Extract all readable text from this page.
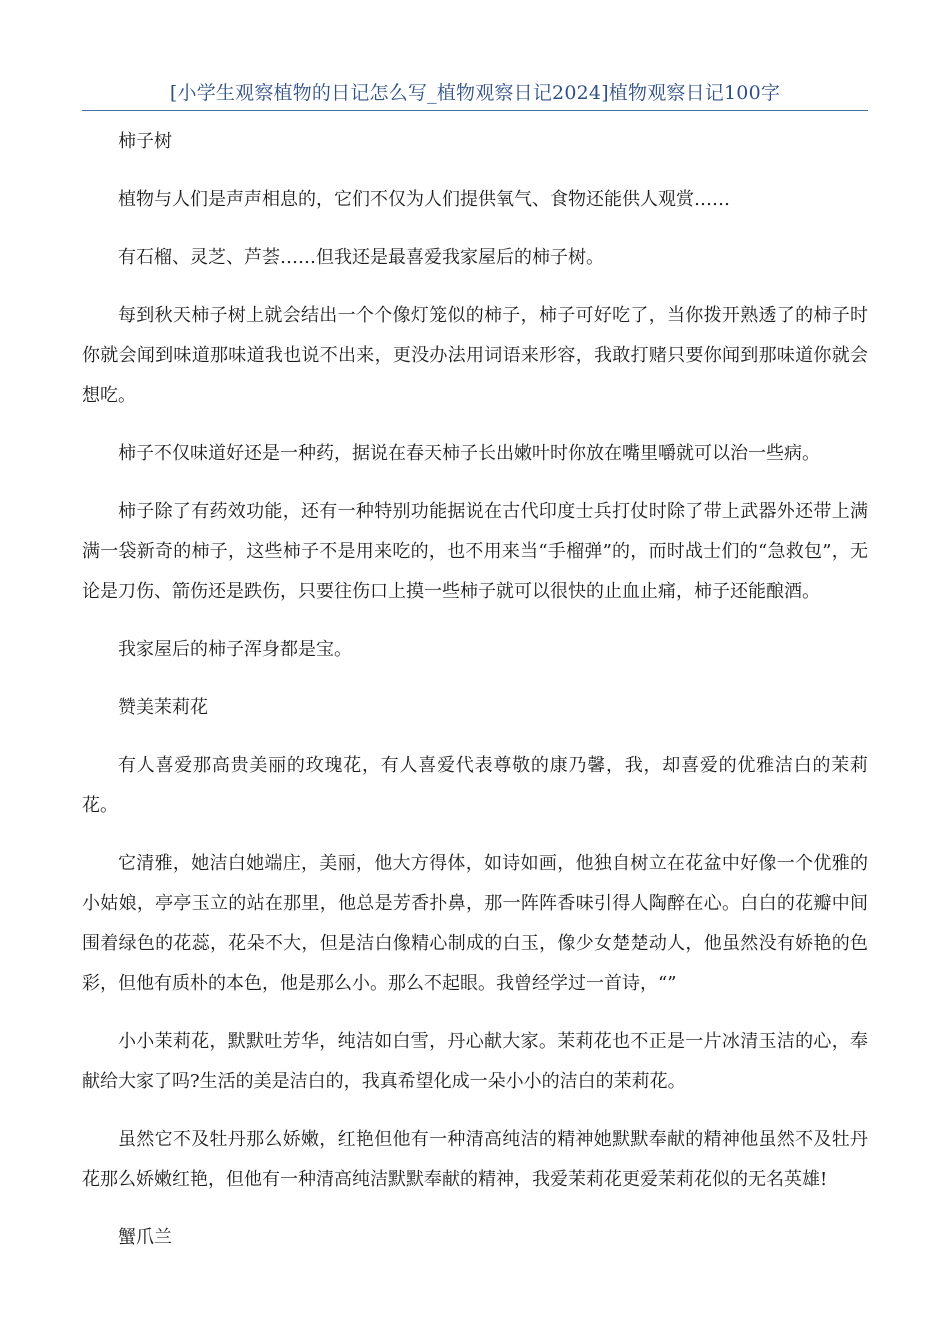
[小学生观察植物的日记怎么写_植物观察日记2024]植物观察日记100字

柿子树

植物与人们是声声相息的，它们不仅为人们提供氧气、食物还能供人观赏……

有石榴、灵芝、芦荟……但我还是最喜爱我家屋后的柿子树。

每到秋天柿子树上就会结出一个个像灯笼似的柿子，柿子可好吃了，当你拨开熟透了的柿子时你就会闻到味道那味道我也说不出来，更没办法用词语来形容，我敢打赌只要你闻到那味道你就会想吃。

柿子不仅味道好还是一种药，据说在春天柿子长出嫩叶时你放在嘴里嚼就可以治一些病。

柿子除了有药效功能，还有一种特别功能据说在古代印度士兵打仗时除了带上武器外还带上满满一袋新奇的柿子，这些柿子不是用来吃的，也不用来当“手榴弹”的，而时战士们的“急救包”，无论是刀伤、箭伤还是跌伤，只要往伤口上摸一些柿子就可以很快的止血止痛，柿子还能酿酒。

我家屋后的柿子浑身都是宝。

赞美茉莉花

有人喜爱那高贵美丽的玫瑰花，有人喜爱代表尊敬的康乃馨，我，却喜爱的优雅洁白的茉莉花。

它清雅，她洁白她端庄，美丽，他大方得体，如诗如画，他独自树立在花盆中好像一个优雅的小姑娘，亭亭玉立的站在那里，他总是芳香扑鼻，那一阵阵香味引得人陶醉在心。白白的花瓣中间围着绿色的花蕊，花朵不大，但是洁白像精心制成的白玉，像少女楚楚动人，他虽然没有娇艳的色彩，但他有质朴的本色，他是那么小。那么不起眼。我曾经学过一首诗，“”

小小茉莉花，默默吐芳华，纯洁如白雪，丹心献大家。茉莉花也不正是一片冰清玉洁的心，奉献给大家了吗?生活的美是洁白的，我真希望化成一朵小小的洁白的茉莉花。

虽然它不及牡丹那么娇嫩，红艳但他有一种清高纯洁的精神她默默奉献的精神他虽然不及牡丹花那么娇嫩红艳，但他有一种清高纯洁默默奉献的精神，我爱茉莉花更爱茉莉花似的无名英雄!

蟹爪兰
